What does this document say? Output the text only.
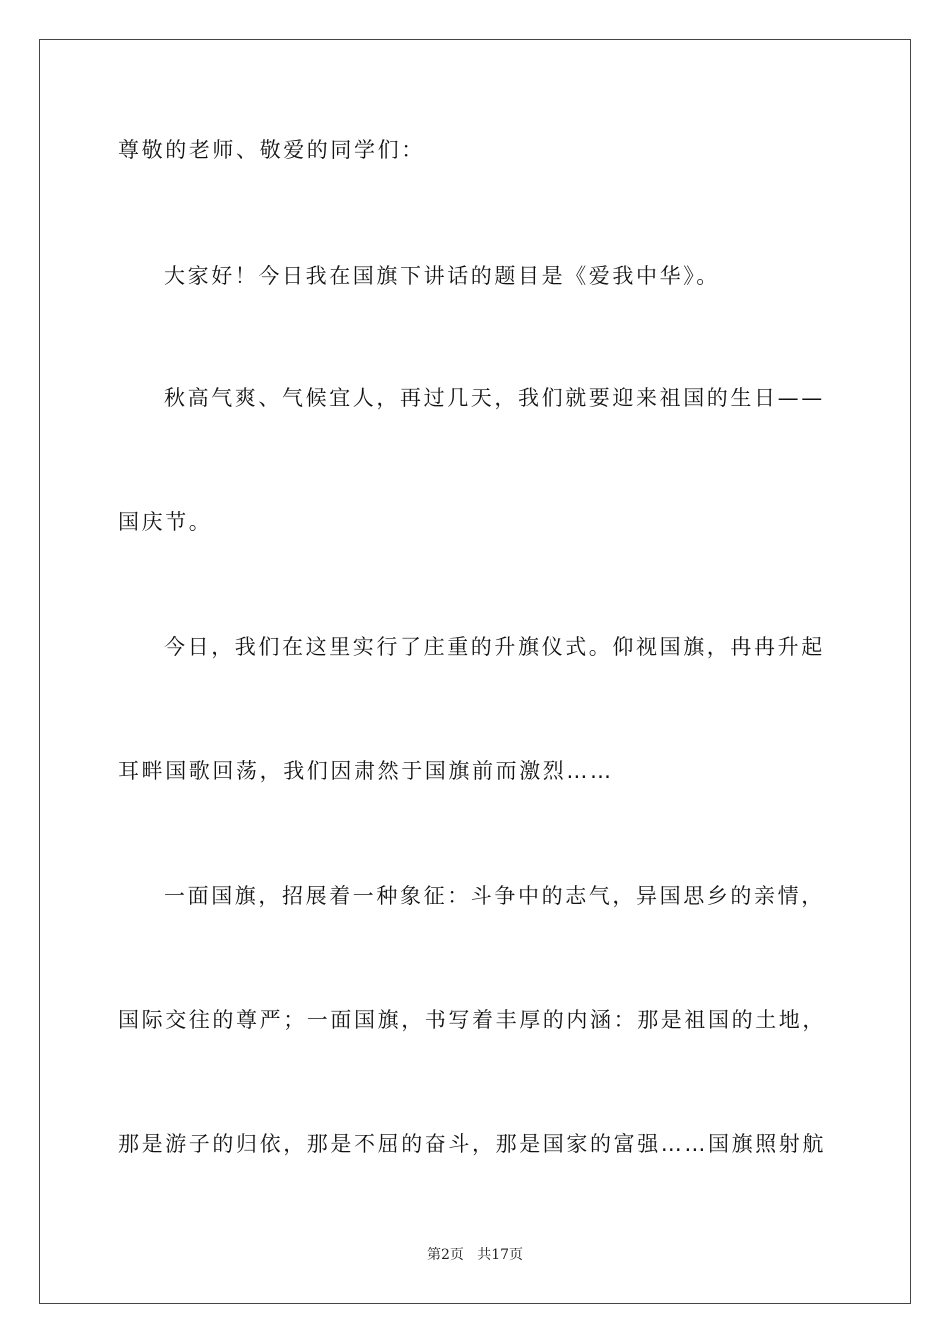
尊敬的老师、敬爱的同学们：
大家好！今日我在国旗下讲话的题目是《爱我中华》。
秋高气爽、气候宜人，再过几天，我们就要迎来祖国的生日——
国庆节。
今日，我们在这里实行了庄重的升旗仪式。仰视国旗，冉冉升起
耳畔国歌回荡，我们因肃然于国旗前而激烈……
一面国旗，招展着一种象征：斗争中的志气，异国思乡的亲情，
国际交往的尊严；一面国旗，书写着丰厚的内涵：那是祖国的土地，
那是游子的归依，那是不屈的奋斗，那是国家的富强……国旗照射航
第2页   共17页
